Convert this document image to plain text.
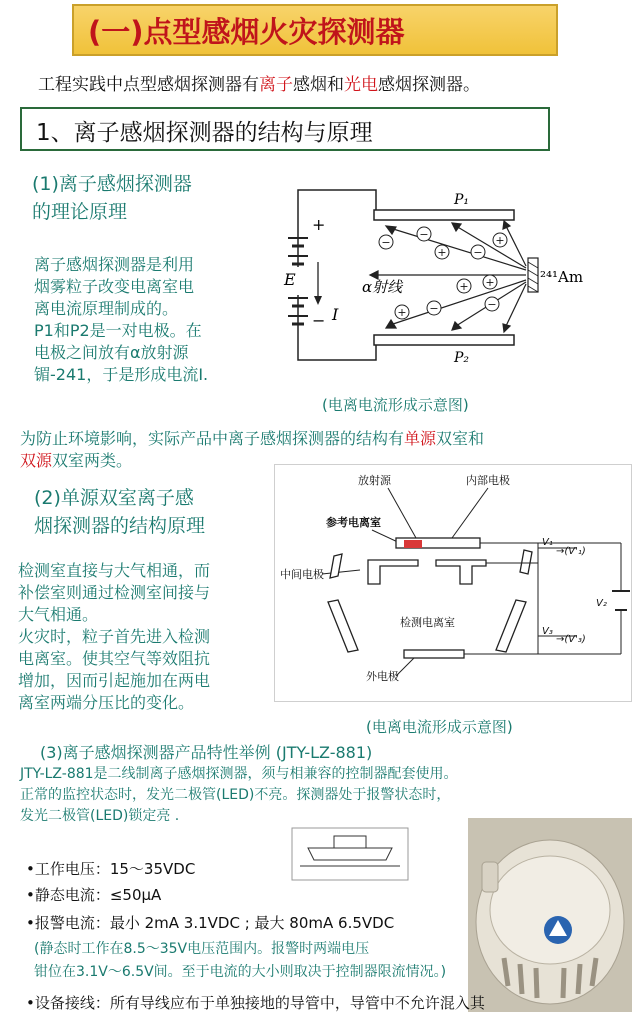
(一)点型感烟火灾探测器
工程实践中点型感烟探测器有离子感烟和光电感烟探测器。
1、离子感烟探测器的结构与原理
(1)离子感烟探测器
的理论原理
离子感烟探测器是利用
烟雾粒子改变电离室电
离电流原理制成的。
P1和P2是一对电极。在
电极之间放有α放射源
镅-241，于是形成电流I.
+
−
E
I
P₁
P₂
²⁴¹Am
α射线
−
−
+ −
+
+ −
+
−
+
(电离电流形成示意图)
为防止环境影响，实际产品中离子感烟探测器的结构有单源双室和
双源双室两类。
(2)单源双室离子感
烟探测器的结构原理
检测室直接与大气相通，而
补偿室则通过检测室间接与
大气相通。
火灾时，粒子首先进入检测
电离室。使其空气等效阻抗
增加，因而引起施加在两电
离室两端分压比的变化。
放射源	内部电极
参考电离室
中间电极
检测电离室
外电极
V₁
→(V'₁)
V₂
V₃
→(V'₃)
(电离电流形成示意图)
(3)离子感烟探测器产品特性举例 (JTY-LZ-881)
JTY-LZ-881是二线制离子感烟探测器，须与相兼容的控制器配套使用。
正常的监控状态时，发光二极管(LED)不亮。探测器处于报警状态时，
发光二极管(LED)锁定亮 .
•工作电压：15～35VDC
•静态电流：≤50μA
•报警电流：最小 2mA 3.1VDC ; 最大 80mA 6.5VDC
(静态时工作在8.5～35V电压范围内。报警时两端电压
钳位在3.1V～6.5V间。至于电流的大小则取决于控制器限流情况。)
•设备接线：所有导线应布于单独接地的导管中，导管中不允许混入其
